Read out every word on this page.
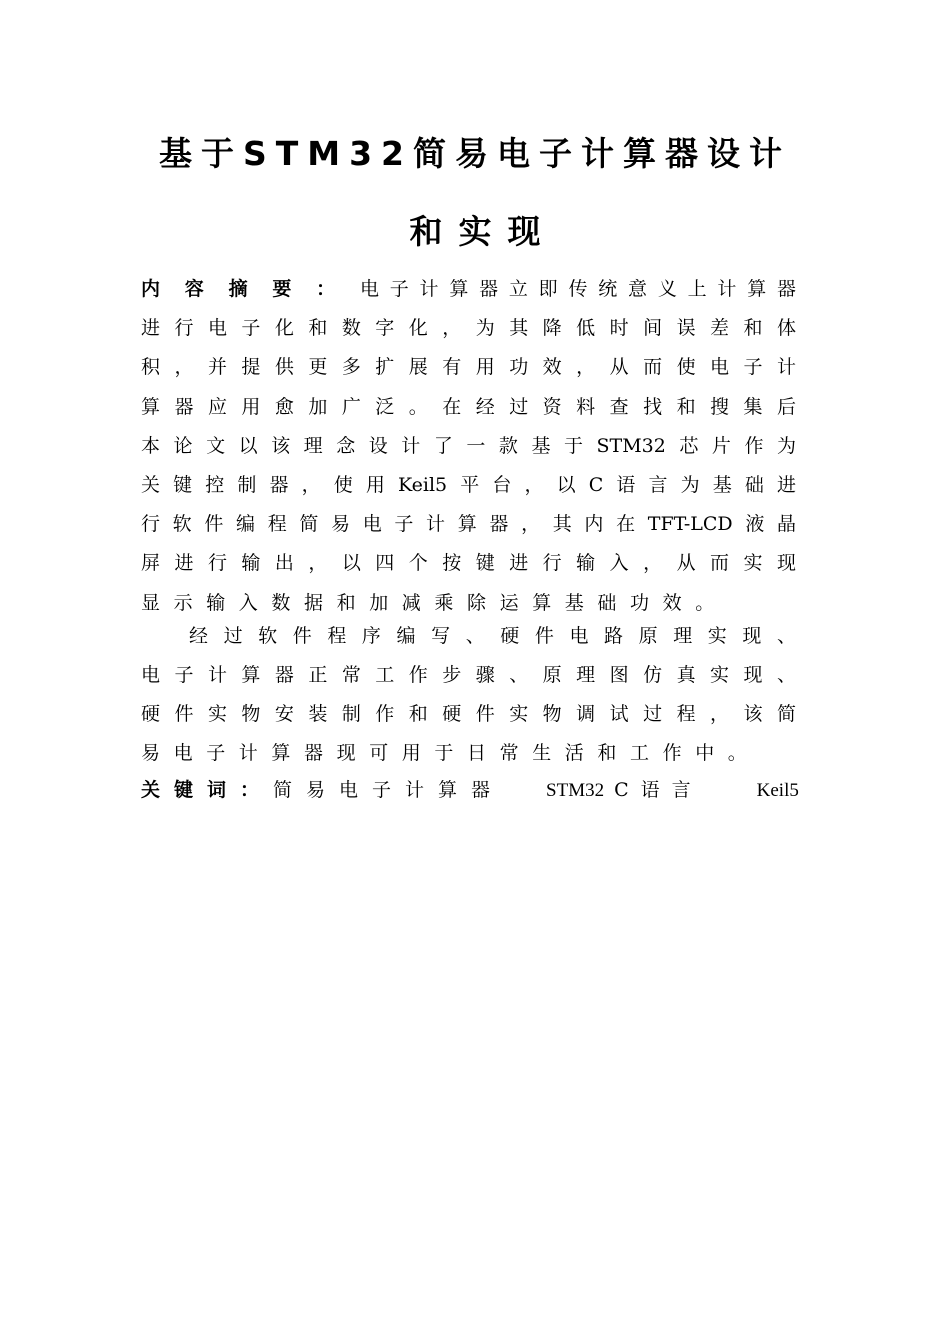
基于STM32简易电子计算器设计
和实现
内容摘要：电子计算器立即传统意义上计算器
进行电子化和数字化，为其降低时间误差和体
积，并提供更多扩展有用功效，从而使电子计
算器应用愈加广泛。在经过资料查找和搜集后
本论文以该理念设计了一款基于STM32芯片作为
关键控制器，使用Keil5平台，以C语言为基础进
行软件编程简易电子计算器，其内在TFT-LCD液晶
屏进行输出，以四个按键进行输入，从而实现
显示输入数据和加减乘除运算基础功效。
经过软件程序编写、硬件电路原理实现、
电子计算器正常工作步骤、原理图仿真实现、
硬件实物安装制作和硬件实物调试过程，该简
易电子计算器现可用于日常生活和工作中。
关键词：简易电子计算器 STM32 C语言	Keil5
